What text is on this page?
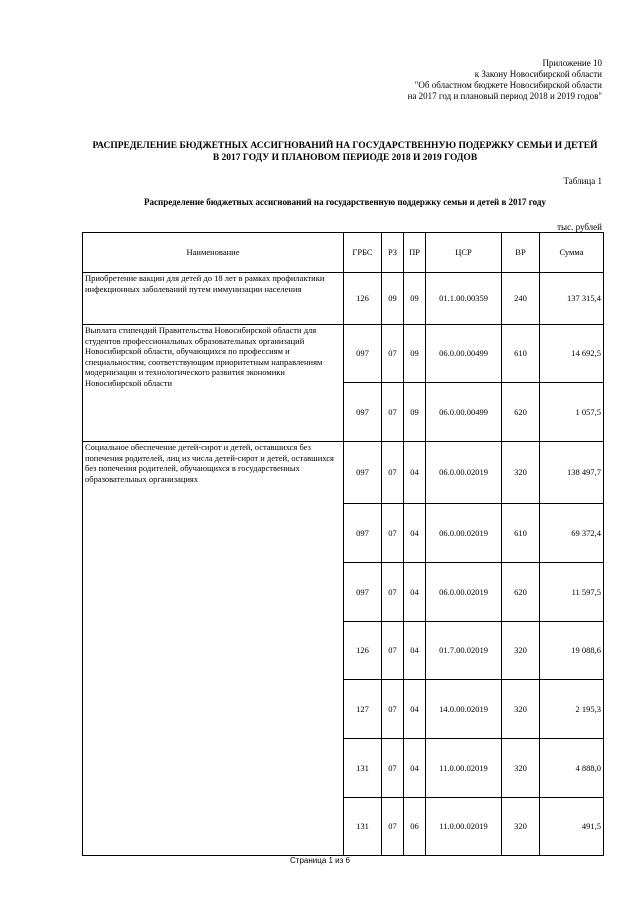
Приложение 10
к Закону Новосибирской области
"Об областном бюджете Новосибирской области
на 2017 год и плановый период 2018 и 2019 годов"
РАСПРЕДЕЛЕНИЕ БЮДЖЕТНЫХ АССИГНОВАНИЙ НА ГОСУДАРСТВЕННУЮ ПОДЕРЖКУ СЕМЬИ И ДЕТЕЙ
В 2017 ГОДУ И ПЛАНОВОМ ПЕРИОДЕ 2018 И 2019 ГОДОВ
Таблица 1
Распределение бюджетных ассигнований на государственную поддержку семьи и детей в 2017 году
тыс. рублей
Наименование	ГРБС	РЗ	ПР	ЦСР	ВР	Сумма
Приобретение вакцин для детей до 18 лет в рамках профилактики инфекционных заболеваний путем иммунизации населения	126	09	09	01.1.00.00359	240	137 315,4
Выплата стипендий Правительства Новосибирской области для студентов профессиональных образовательных организаций Новосибирской области, обучающихся по профессиям и специальностям, соответствующим приоритетным направлениям модернизации и технологического развития экономики Новосибирской области	097	07	09	06.0.00.00499	610	14 692,5
	097	07	09	06.0.00.00499	620	1 057,5
Социальное обеспечение детей-сирот и детей, оставшихся без попечения родителей, лиц из числа детей-сирот и детей, оставшихся без попечения родителей, обучающихся в государственных образовательных организациях	097	07	04	06.0.00.02019	320	138 497,7
	097	07	04	06.0.00.02019	610	69 372,4
	097	07	04	06.0.00.02019	620	11 597,5
	126	07	04	01.7.00.02019	320	19 088,6
	127	07	04	14.0.00.02019	320	2 195,3
	131	07	04	11.0.00.02019	320	4 888,0
	131	07	06	11.0.00.02019	320	491,5
Страница 1 из 6
